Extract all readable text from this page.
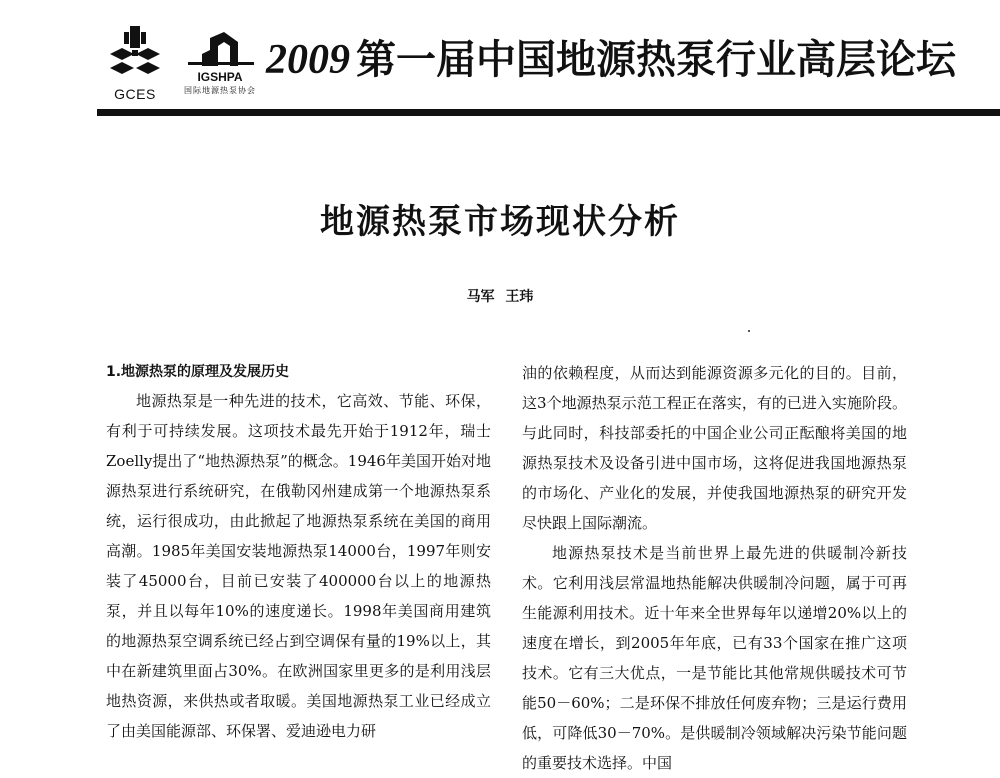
GCES
IGSHPA
国际地源热泵协会
2009 第一届中国地源热泵行业高层论坛
地源热泵市场现状分析
马军 王玮
1.地源热泵的原理及发展历史

地源热泵是一种先进的技术，它高效、节能、环保，有利于可持续发展。这项技术最先开始于1912年，瑞士Zoelly提出了“地热源热泵”的概念。1946年美国开始对地源热泵进行系统研究，在俄勒冈州建成第一个地源热泵系统，运行很成功，由此掀起了地源热泵系统在美国的商用高潮。1985年美国安装地源热泵14000台，1997年则安装了45000台，目前已安装了400000台以上的地源热泵，并且以每年10%的速度递长。1998年美国商用建筑的地源热泵空调系统已经占到空调保有量的19%以上，其中在新建筑里面占30%。在欧洲国家里更多的是利用浅层地热资源，来供热或者取暖。美国地源热泵工业已经成立了由美国能源部、环保署、爱迪逊电力研

油的依赖程度，从而达到能源资源多元化的目的。目前，这3个地源热泵示范工程正在落实，有的已进入实施阶段。与此同时，科技部委托的中国企业公司正酝酿将美国的地源热泵技术及设备引进中国市场，这将促进我国地源热泵的市场化、产业化的发展，并使我国地源热泵的研究开发尽快跟上国际潮流。

地源热泵技术是当前世界上最先进的供暖制冷新技术。它利用浅层常温地热能解决供暖制冷问题，属于可再生能源利用技术。近十年来全世界每年以递增20%以上的速度在增长，到2005年年底，已有33个国家在推广这项技术。它有三大优点，一是节能比其他常规供暖技术可节能50－60%；二是环保不排放任何废弃物；三是运行费用低，可降低30－70%。是供暖制冷领域解决污染节能问题的重要技术选择。中国
